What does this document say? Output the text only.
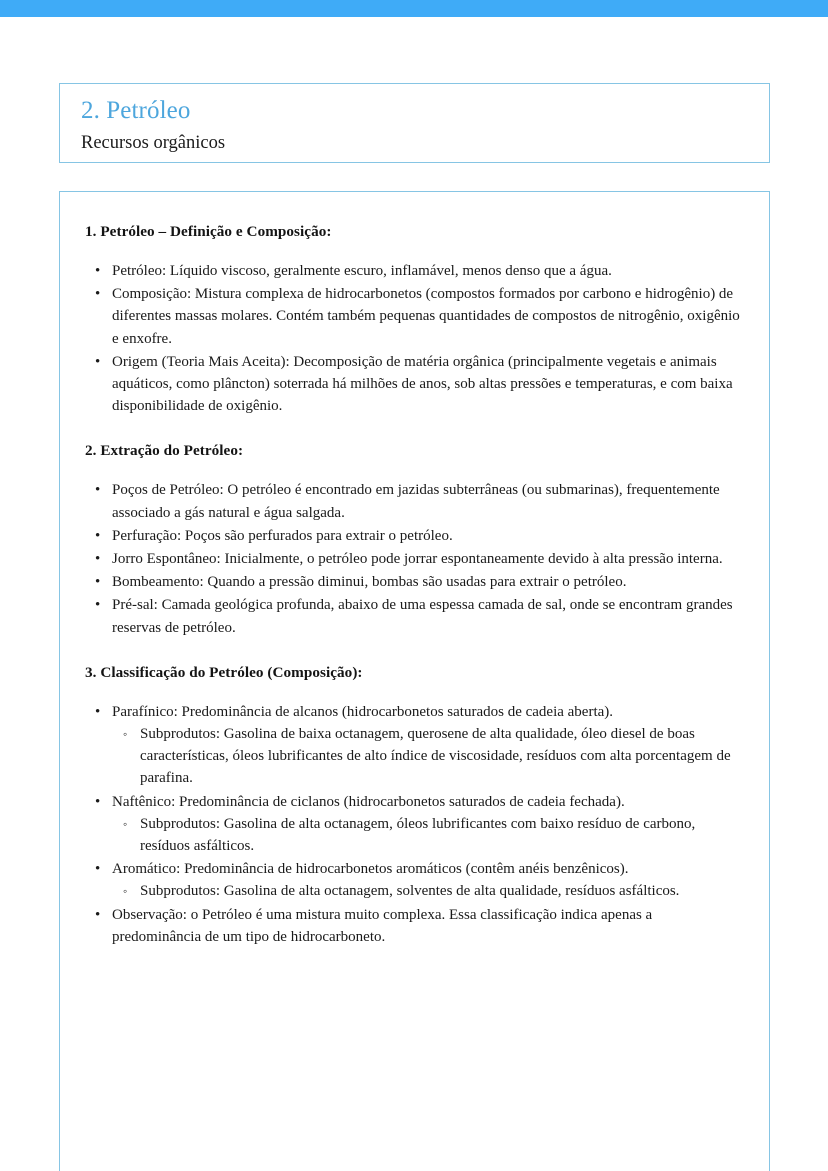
2. Petróleo

Recursos orgânicos

1. Petróleo – Definição e Composição:
• Petróleo: Líquido viscoso, geralmente escuro, inflamável, menos denso que a água.
• Composição: Mistura complexa de hidrocarbonetos (compostos formados por carbono e hidrogênio) de diferentes massas molares. Contém também pequenas quantidades de compostos de nitrogênio, oxigênio e enxofre.
• Origem (Teoria Mais Aceita): Decomposição de matéria orgânica (principalmente vegetais e animais aquáticos, como plâncton) soterrada há milhões de anos, sob altas pressões e temperaturas, e com baixa disponibilidade de oxigênio.
2. Extração do Petróleo:
• Poços de Petróleo: O petróleo é encontrado em jazidas subterrâneas (ou submarinas), frequentemente associado a gás natural e água salgada.
• Perfuração: Poços são perfurados para extrair o petróleo.
• Jorro Espontâneo: Inicialmente, o petróleo pode jorrar espontaneamente devido à alta pressão interna.
• Bombeamento: Quando a pressão diminui, bombas são usadas para extrair o petróleo.
• Pré-sal: Camada geológica profunda, abaixo de uma espessa camada de sal, onde se encontram grandes reservas de petróleo.
3. Classificação do Petróleo (Composição):
• Parafínico: Predominância de alcanos (hidrocarbonetos saturados de cadeia aberta).
◦ Subprodutos: Gasolina de baixa octanagem, querosene de alta qualidade, óleo diesel de boas características, óleos lubrificantes de alto índice de viscosidade, resíduos com alta porcentagem de parafina.
• Naftênico: Predominância de ciclanos (hidrocarbonetos saturados de cadeia fechada).
◦ Subprodutos: Gasolina de alta octanagem, óleos lubrificantes com baixo resíduo de carbono, resíduos asfálticos.
• Aromático: Predominância de hidrocarbonetos aromáticos (contêm anéis benzênicos).
◦ Subprodutos: Gasolina de alta octanagem, solventes de alta qualidade, resíduos asfálticos.
• Observação: o Petróleo é uma mistura muito complexa. Essa classificação indica apenas a predominância de um tipo de hidrocarboneto.
